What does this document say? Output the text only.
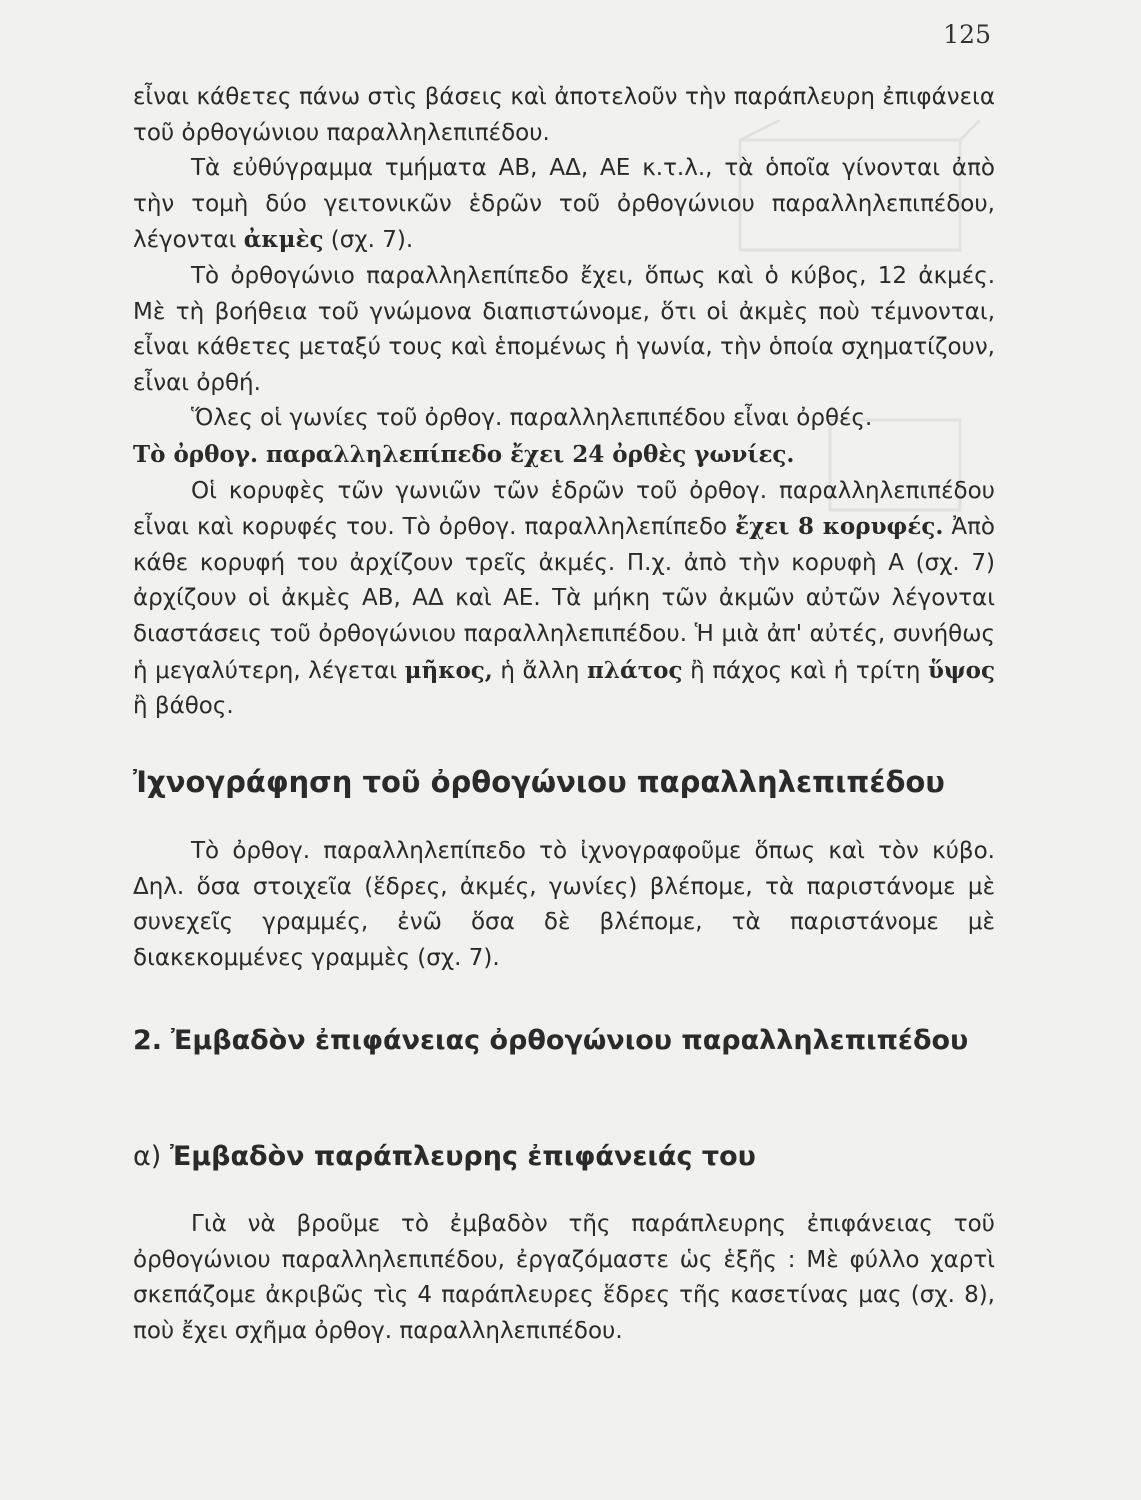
125

εἶναι κάθετες πάνω στὶς βάσεις καὶ ἀποτελοῦν τὴν παράπλευρη ἐπιφάνεια τοῦ ὀρθογώνιου παραλληλεπιπέδου.

Τὰ εὐθύγραμμα τμήματα ΑΒ, ΑΔ, ΑΕ κ.τ.λ., τὰ ὁποῖα γίνονται ἀπὸ τὴν τομὴ δύο γειτονικῶν ἑδρῶν τοῦ ὀρθογώνιου παραλληλεπιπέδου, λέγονται ἀκμὲς (σχ. 7).

Τὸ ὀρθογώνιο παραλληλεπίπεδο ἔχει, ὅπως καὶ ὁ κύβος, 12 ἀκμές. Μὲ τὴ βοήθεια τοῦ γνώμονα διαπιστώνομε, ὅτι οἱ ἀκμὲς ποὺ τέμνονται, εἶναι κάθετες μεταξύ τους καὶ ἑπομένως ἡ γωνία, τὴν ὁποία σχηματίζουν, εἶναι ὀρθή.

Ὅλες οἱ γωνίες τοῦ ὀρθογ. παραλληλεπιπέδου εἶναι ὀρθές.

Τὸ ὀρθογ. παραλληλεπίπεδο ἔχει 24 ὀρθὲς γωνίες.

Οἱ κορυφὲς τῶν γωνιῶν τῶν ἑδρῶν τοῦ ὀρθογ. παραλληλεπιπέδου εἶναι καὶ κορυφές του. Τὸ ὀρθογ. παραλληλεπίπεδο ἔχει 8 κορυφές. Ἀπὸ κάθε κορυφή του ἀρχίζουν τρεῖς ἀκμές. Π.χ. ἀπὸ τὴν κορυφὴ Α (σχ. 7) ἀρχίζουν οἱ ἀκμὲς ΑΒ, ΑΔ καὶ ΑΕ. Τὰ μήκη τῶν ἀκμῶν αὐτῶν λέγονται διαστάσεις τοῦ ὀρθογώνιου παραλληλεπιπέδου. Ἡ μιὰ ἀπ' αὐτές, συνήθως ἡ μεγαλύτερη, λέγεται μῆκος, ἡ ἄλλη πλάτος ἢ πάχος καὶ ἡ τρίτη ὕψος ἢ βάθος.

Ἰχνογράφηση τοῦ ὀρθογώνιου παραλληλεπιπέδου

Τὸ ὀρθογ. παραλληλεπίπεδο τὸ ἰχνογραφοῦμε ὅπως καὶ τὸν κύβο. Δηλ. ὅσα στοιχεῖα (ἕδρες, ἀκμές, γωνίες) βλέπομε, τὰ παριστάνομε μὲ συνεχεῖς γραμμές, ἐνῶ ὅσα δὲ βλέπομε, τὰ παριστάνομε μὲ διακεκομμένες γραμμὲς (σχ. 7).

2. Ἐμβαδὸν ἐπιφάνειας ὀρθογώνιου παραλληλεπιπέδου
α) Ἐμβαδὸν παράπλευρης ἐπιφάνειάς του

Γιὰ νὰ βροῦμε τὸ ἐμβαδὸν τῆς παράπλευρης ἐπιφάνειας τοῦ ὀρθογώνιου παραλληλεπιπέδου, ἐργαζόμαστε ὡς ἑξῆς : Μὲ φύλλο χαρτὶ σκεπάζομε ἀκριβῶς τὶς 4 παράπλευρες ἕδρες τῆς κασετίνας μας (σχ. 8), ποὺ ἔχει σχῆμα ὀρθογ. παραλληλεπιπέδου.
